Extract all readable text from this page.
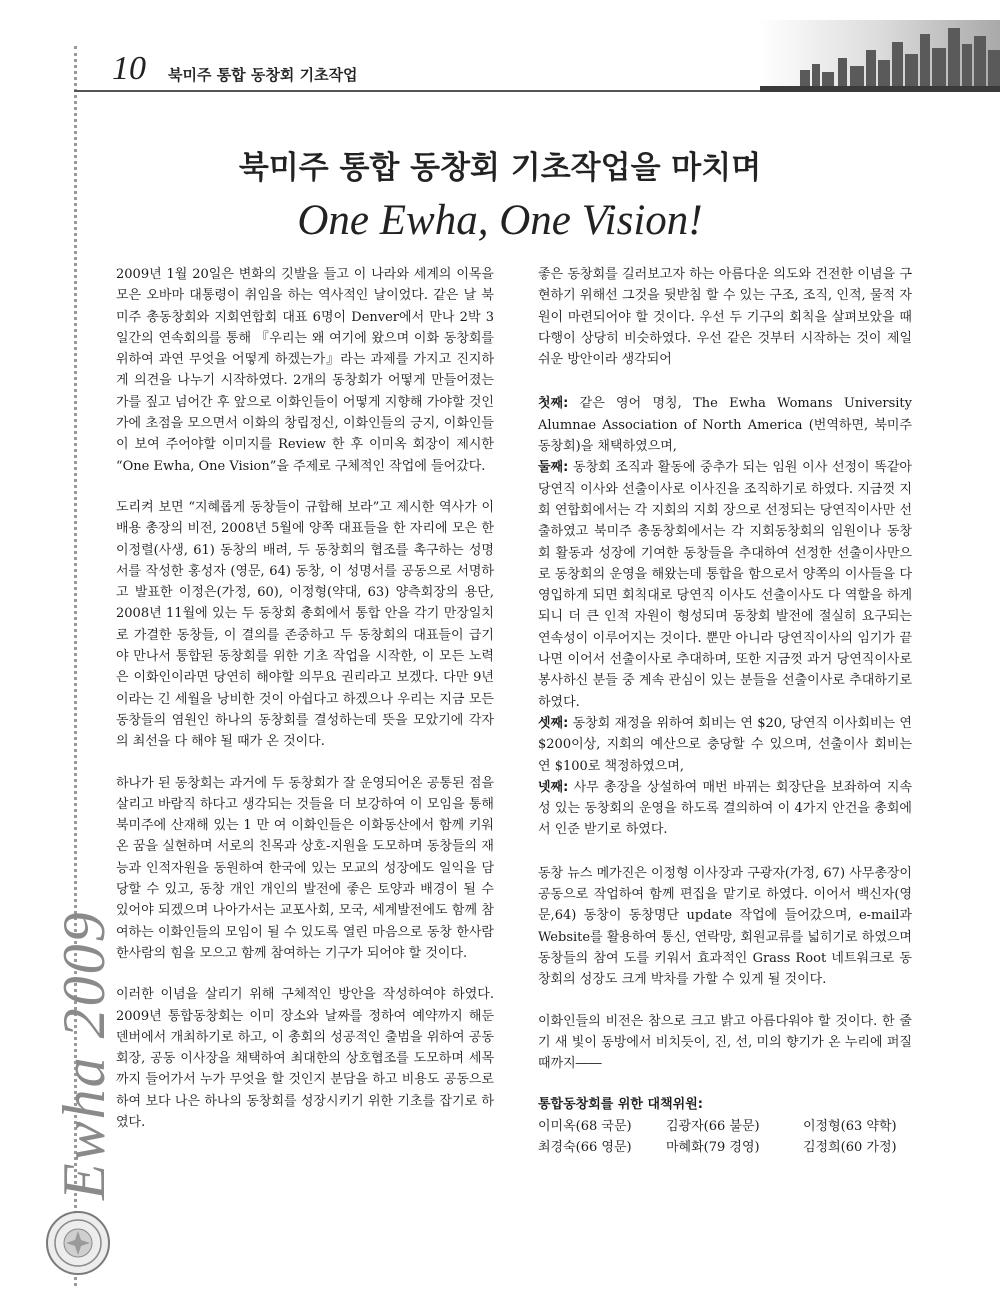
10 북미주 통합 동창회 기초작업
북미주 통합 동창회 기초작업을 마치며
One Ewha, One Vision!

2009년 1월 20일은 변화의 깃발을 들고 이 나라와 세계의 이목을 모은 오바마 대통령이 취임을 하는 역사적인 날이었다. 같은 날 북미주 총동창회와 지회연합회 대표 6명이 Denver에서 만나 2박 3일간의 연속회의를 통해 『우리는 왜 여기에 왔으며 이화 동창회를 위하여 과연 무엇을 어떻게 하겠는가』라는 과제를 가지고 진지하게 의견을 나누기 시작하였다. 2개의 동창회가 어떻게 만들어졌는가를 짚고 넘어간 후 앞으로 이화인들이 어떻게 지향해 가야할 것인가에 초점을 모으면서 이화의 창립정신, 이화인들의 긍지, 이화인들이 보여 주어야할 이미지를 Review 한 후 이미옥 회장이 제시한 “One Ewha, One Vision”을 주제로 구체적인 작업에 들어갔다.

도리켜 보면 “지혜롭게 동창들이 규합해 보라”고 제시한 역사가 이배용 총장의 비전, 2008년 5월에 양쪽 대표들을 한 자리에 모은 한 이정렬(사생, 61) 동창의 배려, 두 동창회의 협조를 촉구하는 성명서를 작성한 홍성자 (영문, 64) 동창, 이 성명서를 공동으로 서명하고 발표한 이정은(가정, 60), 이정형(약대, 63) 양측회장의 용단, 2008년 11월에 있는 두 동창회 총회에서 통합 안을 각기 만장일치로 가결한 동창들, 이 결의를 존중하고 두 동창회의 대표들이 급기야 만나서 통합된 동창회를 위한 기초 작업을 시작한, 이 모든 노력은 이화인이라면 당연히 해야할 의무요 권리라고 보겠다. 다만 9년이라는 긴 세월을 낭비한 것이 아쉽다고 하겠으나 우리는 지금 모든 동창들의 염원인 하나의 동창회를 결성하는데 뜻을 모았기에 각자의 최선을 다 해야 될 때가 온 것이다.

하나가 된 동창회는 과거에 두 동창회가 잘 운영되어온 공통된 점을 살리고 바람직 하다고 생각되는 것들을 더 보강하여 이 모임을 통해 북미주에 산재해 있는 1 만 여 이화인들은 이화동산에서 함께 키워온 꿈을 실현하며 서로의 친목과 상호-지원을 도모하며 동창들의 재능과 인적자원을 동원하여 한국에 있는 모교의 성장에도 일익을 담당할 수 있고, 동창 개인 개인의 발전에 좋은 토양과 배경이 될 수 있어야 되겠으며 나아가서는 교포사회, 모국, 세계발전에도 함께 참여하는 이화인들의 모임이 될 수 있도록 열린 마음으로 동창 한사람 한사람의 힘을 모으고 함께 참여하는 기구가 되어야 할 것이다.

이러한 이념을 살리기 위해 구체적인 방안을 작성하여야 하였다. 2009년 통합동창회는 이미 장소와 날짜를 정하여 예약까지 해둔 덴버에서 개최하기로 하고, 이 총회의 성공적인 출범을 위하여 공동회장, 공동 이사장을 채택하여 최대한의 상호협조를 도모하며 세목까지 들어가서 누가 무엇을 할 것인지 분담을 하고 비용도 공동으로 하여 보다 나은 하나의 동창회를 성장시키기 위한 기초를 잡기로 하였다.

좋은 동창회를 길러보고자 하는 아름다운 의도와 건전한 이념을 구현하기 위해선 그것을 뒷받침 할 수 있는 구조, 조직, 인적, 물적 자원이 마련되어야 할 것이다. 우선 두 기구의 회칙을 살펴보았을 때 다행이 상당히 비슷하였다. 우선 같은 것부터 시작하는 것이 제일 쉬운 방안이라 생각되어

첫째: 같은 영어 명칭, The Ewha Womans University Alumnae Association of North America (번역하면, 북미주 동창회)을 채택하였으며,
둘째: 동창회 조직과 활동에 중추가 되는 임원 이사 선정이 똑같아 당연직 이사와 선출이사로 이사진을 조직하기로 하였다. 지금껏 지회 연합회에서는 각 지회의 지회 장으로 선정되는 당연직이사만 선출하였고 북미주 총동창회에서는 각 지회동창회의 임원이나 동창회 활동과 성장에 기여한 동창들을 추대하여 선정한 선출이사만으로 동창회의 운영을 해왔는데 통합을 함으로서 양쪽의 이사들을 다 영입하게 되면 회칙대로 당연직 이사도 선출이사도 다 역할을 하게 되니 더 큰 인적 자원이 형성되며 동창회 발전에 절실히 요구되는 연속성이 이루어지는 것이다. 뿐만 아니라 당연직이사의 임기가 끝나면 이어서 선출이사로 추대하며, 또한 지금껏 과거 당연직이사로 봉사하신 분들 중 계속 관심이 있는 분들을 선출이사로 추대하기로 하였다.
셋째: 동창회 재정을 위하여 회비는 연 $20, 당연직 이사회비는 연 $200이상, 지회의 예산으로 충당할 수 있으며, 선출이사 회비는 연 $100로 책정하였으며,
넷째: 사무 총장을 상설하여 매번 바뀌는 회장단을 보좌하여 지속성 있는 동창회의 운영을 하도록 결의하여 이 4가지 안건을 총회에서 인준 받기로 하였다.

동창 뉴스 메가진은 이정형 이사장과 구광자(가정, 67) 사무총장이 공동으로 작업하여 함께 편집을 맡기로 하였다. 이어서 백신자(영문,64) 동창이 동창명단 update 작업에 들어갔으며, e-mail과 Website를 활용하여 통신, 연락망, 회원교류를 넓히기로 하였으며 동창들의 참여 도를 키워서 효과적인 Grass Root 네트워크로 동창회의 성장도 크게 박차를 가할 수 있게 될 것이다.

이화인들의 비전은 참으로 크고 밝고 아름다워야 할 것이다. 한 줄기 새 빛이 동방에서 비치듯이, 진, 선, 미의 향기가 온 누리에 퍼질 때까지――

통합동창회를 위한 대책위원:
이미옥(68 국문)	김광자(66 불문)	이정형(63 약학)
최경숙(66 영문)	마혜화(79 경영)	김정희(60 가정)
Ewha 2009
